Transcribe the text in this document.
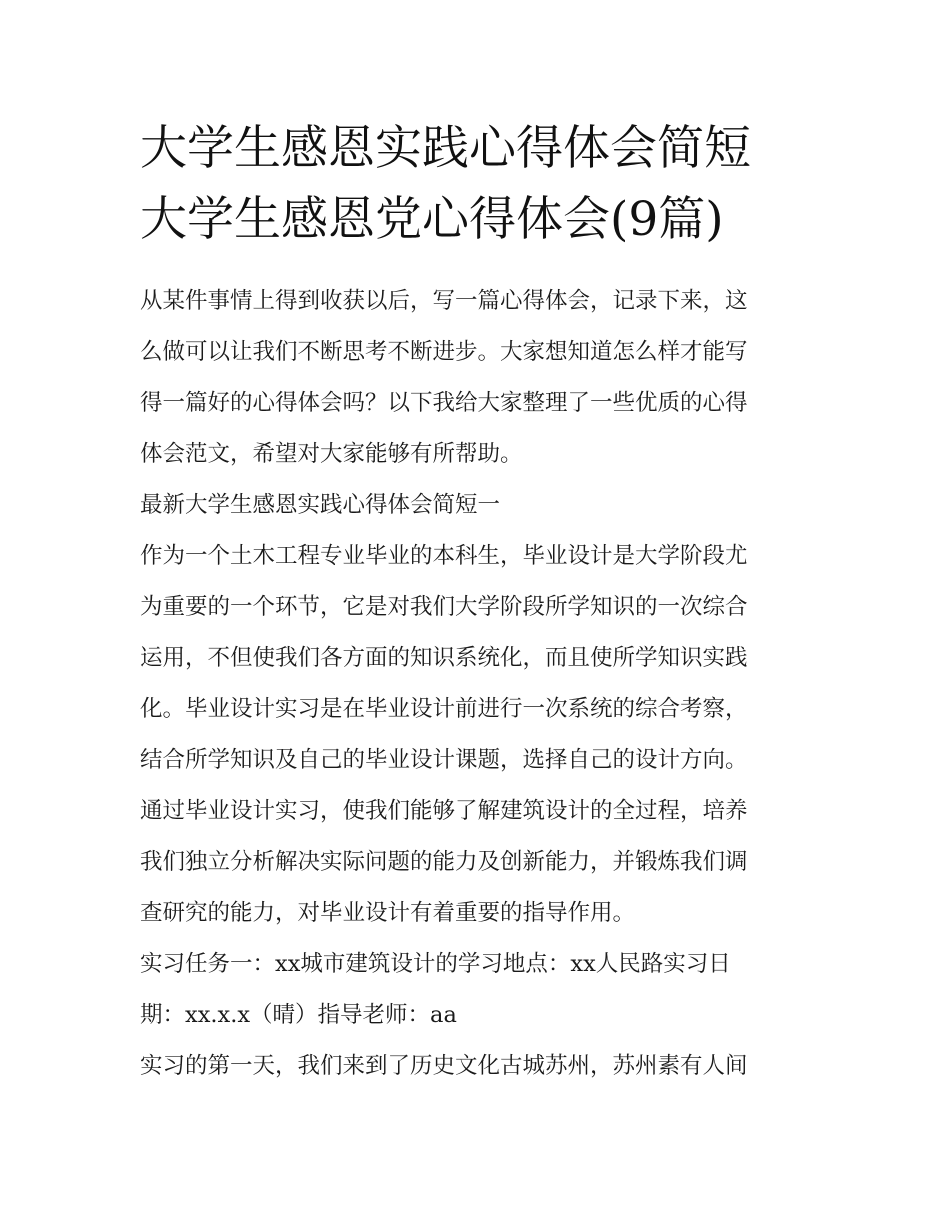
大学生感恩实践心得体会简短
大学生感恩党心得体会(9篇)
从某件事情上得到收获以后，写一篇心得体会，记录下来，这
么做可以让我们不断思考不断进步。大家想知道怎么样才能写
得一篇好的心得体会吗？以下我给大家整理了一些优质的心得
体会范文，希望对大家能够有所帮助。
最新大学生感恩实践心得体会简短一
作为一个土木工程专业毕业的本科生，毕业设计是大学阶段尤
为重要的一个环节，它是对我们大学阶段所学知识的一次综合
运用，不但使我们各方面的知识系统化，而且使所学知识实践
化。毕业设计实习是在毕业设计前进行一次系统的综合考察，
结合所学知识及自己的毕业设计课题，选择自己的设计方向。
通过毕业设计实习，使我们能够了解建筑设计的全过程，培养
我们独立分析解决实际问题的能力及创新能力，并锻炼我们调
查研究的能力，对毕业设计有着重要的指导作用。
实习任务一：xx城市建筑设计的学习地点：xx人民路实习日
期：xx.x.x（晴）指导老师：aa
实习的第一天，我们来到了历史文化古城苏州，苏州素有人间
